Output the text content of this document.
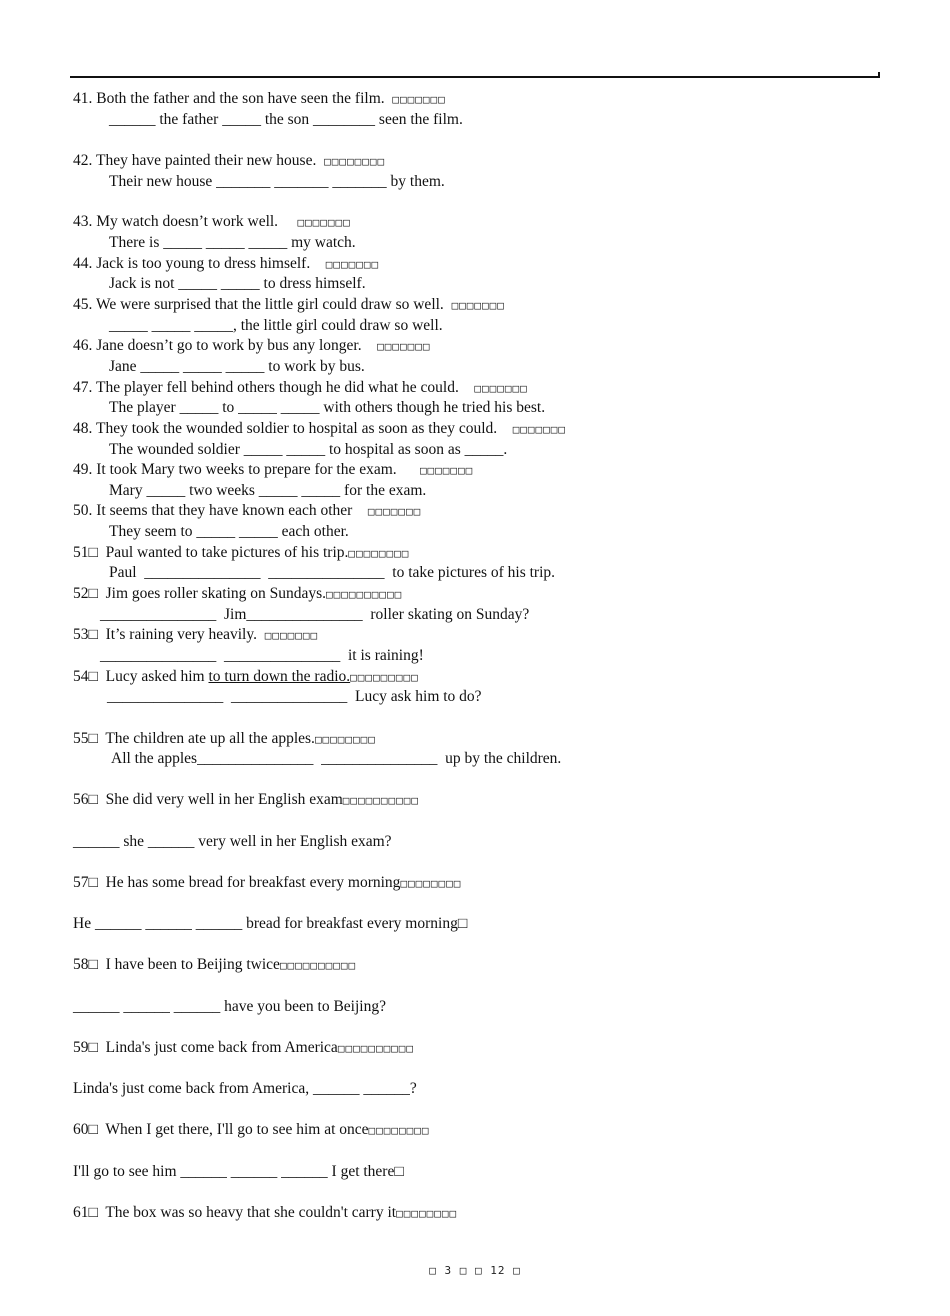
41. Both the father and the son have seen the film. □□□□□□□
______ the father _____ the son ________ seen the film.
42. They have painted their new house. □□□□□□□□
Their new house _______ _______ _______ by them.
43. My watch doesn’t work well. □□□□□□□
There is _____ _____ _____ my watch.
44. Jack is too young to dress himself. □□□□□□□
Jack is not _____ _____ to dress himself.
45. We were surprised that the little girl could draw so well. □□□□□□□
_____ _____ _____, the little girl could draw so well.
46. Jane doesn’t go to work by bus any longer. □□□□□□□
Jane _____ _____ _____ to work by bus.
47. The player fell behind others though he did what he could. □□□□□□□
The player _____ to _____ _____ with others though he tried his best.
48. They took the wounded soldier to hospital as soon as they could. □□□□□□□
The wounded soldier _____ _____ to hospital as soon as _____.
49. It took Mary two weeks to prepare for the exam. □□□□□□□
Mary _____ two weeks _____ _____ for the exam.
50. It seems that they have known each other □□□□□□□
They seem to _____ _____ each other.
51□  Paul wanted to take pictures of his trip.□□□□□□□□
Paul  _______________  _______________  to take pictures of his trip.
52□  Jim goes roller skating on Sundays.□□□□□□□□□□
_______________  Jim_______________  roller skating on Sunday?
53□  It’s raining very heavily. □□□□□□□
_______________  _______________  it is raining!
54□  Lucy asked him to turn down the radio.□□□□□□□□□
_______________  _______________  Lucy ask him to do?
55□  The children ate up all the apples.□□□□□□□□
All the apples_______________  _______________  up by the children.
56□  She did very well in her English exam□□□□□□□□□□
______ she ______ very well in her English exam?
57□  He has some bread for breakfast every morning□□□□□□□□
He ______ ______ ______ bread for breakfast every morning□
58□  I have been to Beijing twice□□□□□□□□□□
______ ______ ______ have you been to Beijing?
59□  Linda's just come back from America□□□□□□□□□□
Linda's just come back from America, ______ ______?
60□  When I get there, I'll go to see him at once□□□□□□□□
I'll go to see him ______ ______ ______ I get there□
61□  The box was so heavy that she couldn't carry it□□□□□□□□
□ 3 □ □ 12 □
